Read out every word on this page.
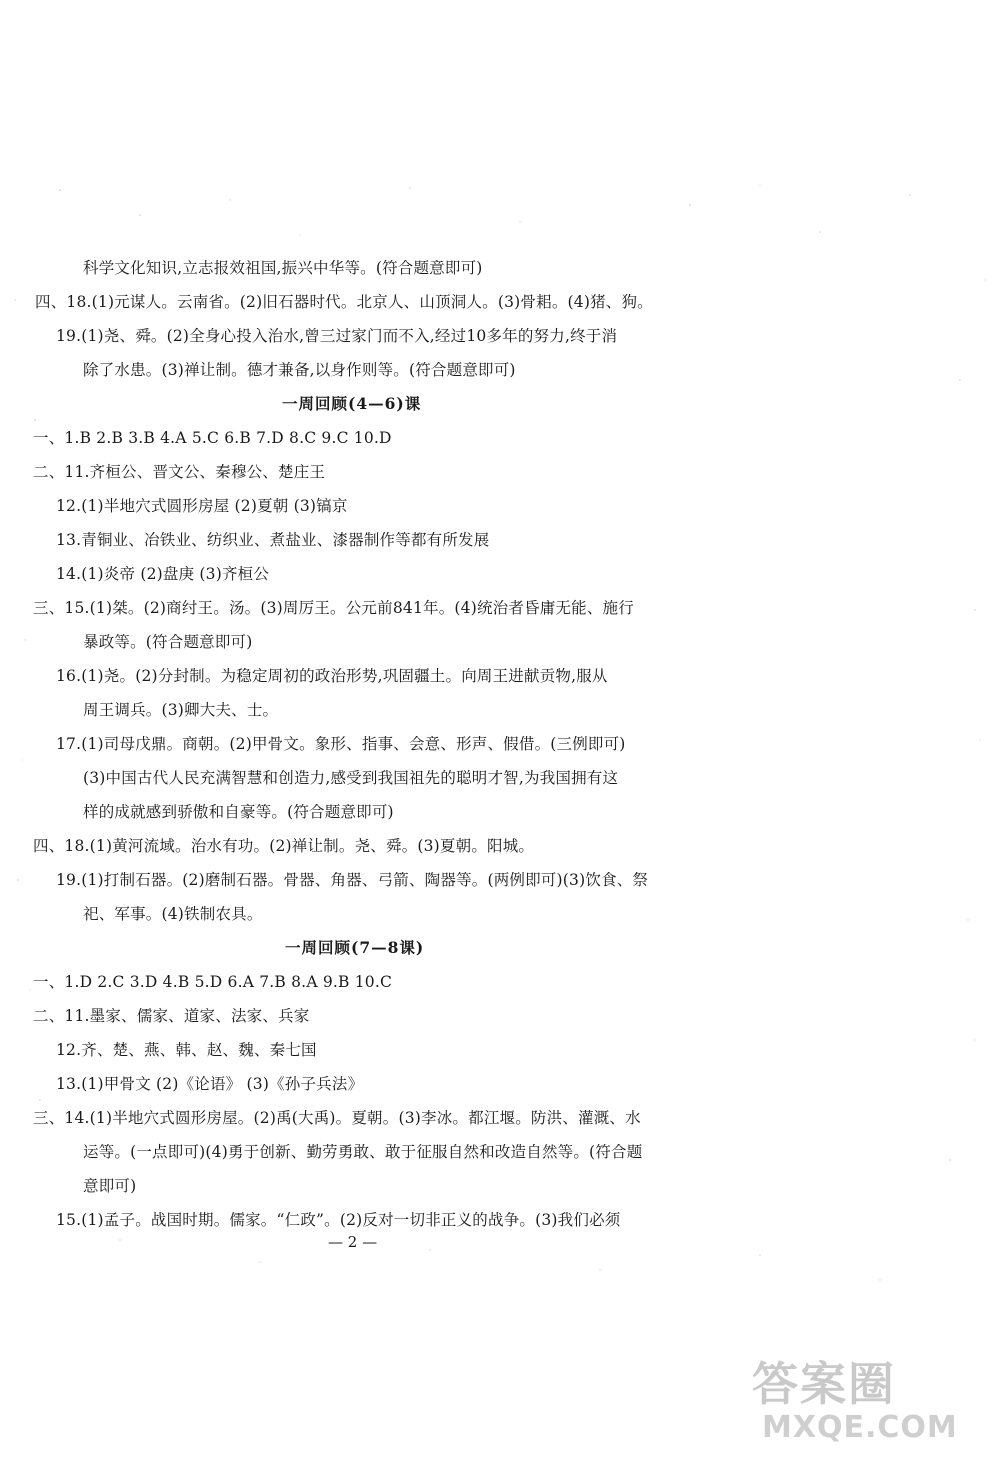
科学文化知识,立志报效祖国,振兴中华等。(符合题意即可)
四、18.(1)元谋人。云南省。(2)旧石器时代。北京人、山顶洞人。(3)骨耜。(4)猪、狗。
19.(1)尧、舜。(2)全身心投入治水,曾三过家门而不入,经过10多年的努力,终于消
除了水患。(3)禅让制。德才兼备,以身作则等。(符合题意即可)
一周回顾(4—6)课
一、1.B 2.B 3.B 4.A 5.C 6.B 7.D 8.C 9.C 10.D
二、11.齐桓公、晋文公、秦穆公、楚庄王
12.(1)半地穴式圆形房屋 (2)夏朝 (3)镐京
13.青铜业、冶铁业、纺织业、煮盐业、漆器制作等都有所发展
14.(1)炎帝 (2)盘庚 (3)齐桓公
三、15.(1)桀。(2)商纣王。汤。(3)周厉王。公元前841年。(4)统治者昏庸无能、施行
暴政等。(符合题意即可)
16.(1)尧。(2)分封制。为稳定周初的政治形势,巩固疆土。向周王进献贡物,服从
周王调兵。(3)卿大夫、士。
17.(1)司母戊鼎。商朝。(2)甲骨文。象形、指事、会意、形声、假借。(三例即可)
(3)中国古代人民充满智慧和创造力,感受到我国祖先的聪明才智,为我国拥有这
样的成就感到骄傲和自豪等。(符合题意即可)
四、18.(1)黄河流域。治水有功。(2)禅让制。尧、舜。(3)夏朝。阳城。
19.(1)打制石器。(2)磨制石器。骨器、角器、弓箭、陶器等。(两例即可)(3)饮食、祭
祀、军事。(4)铁制农具。
一周回顾(7—8课)
一、1.D 2.C 3.D 4.B 5.D 6.A 7.B 8.A 9.B 10.C
二、11.墨家、儒家、道家、法家、兵家
12.齐、楚、燕、韩、赵、魏、秦七国
13.(1)甲骨文 (2)《论语》 (3)《孙子兵法》
三、14.(1)半地穴式圆形房屋。(2)禹(大禹)。夏朝。(3)李冰。都江堰。防洪、灌溉、水
运等。(一点即可)(4)勇于创新、勤劳勇敢、敢于征服自然和改造自然等。(符合题
意即可)
15.(1)孟子。战国时期。儒家。“仁政”。(2)反对一切非正义的战争。(3)我们必须
— 2 —
答案圈
MXQE.COM
